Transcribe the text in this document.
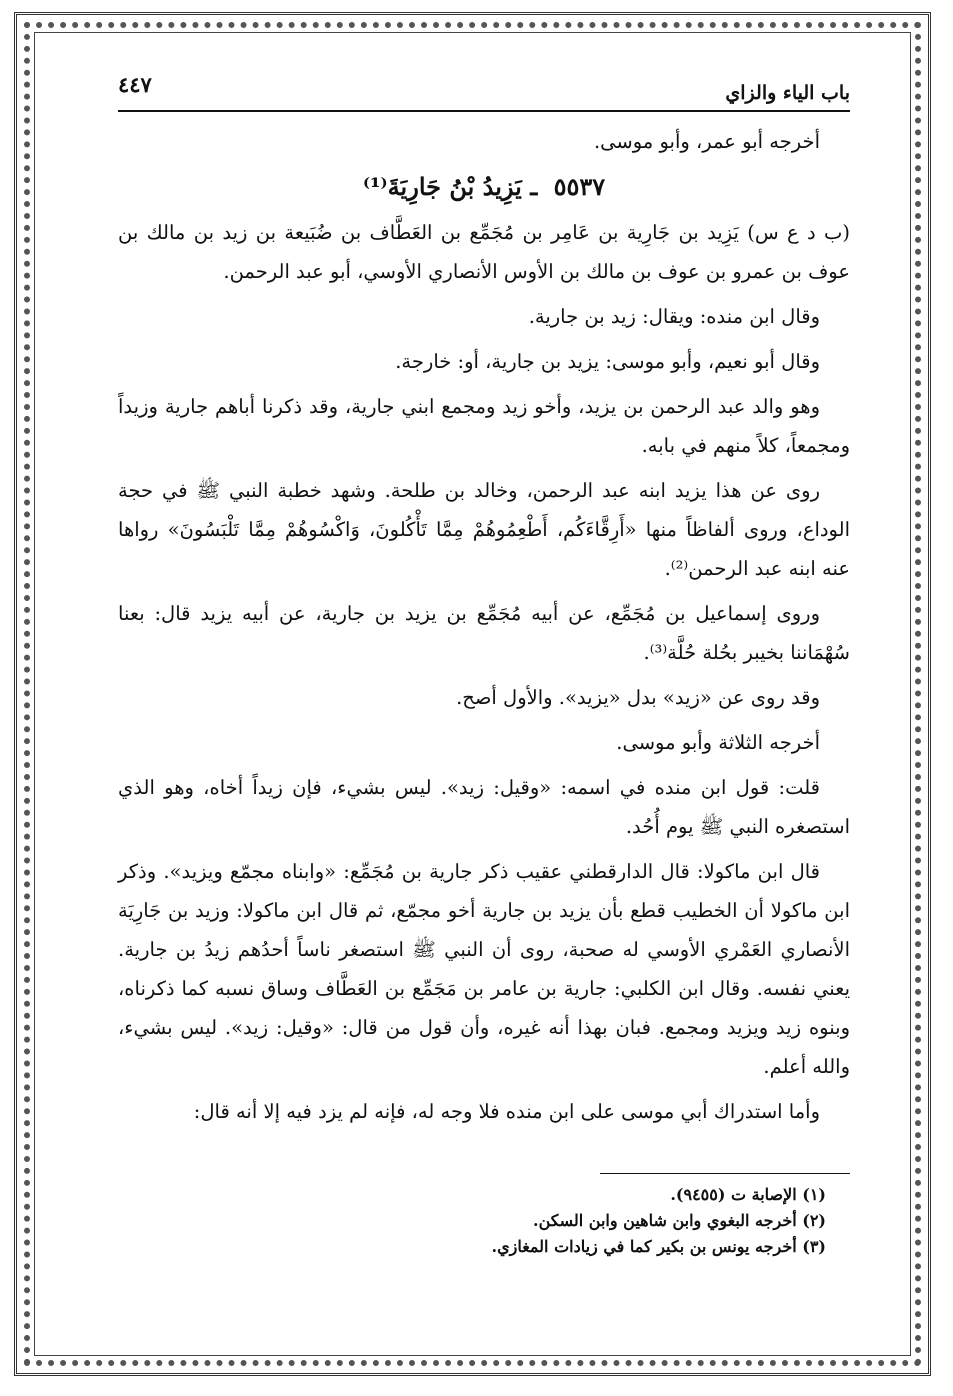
باب الياء والزاي
٤٤٧

أخرجه أبو عمر، وأبو موسى.

٥٥٣٧ ـ يَزِيدُ بْنُ جَارِيَةَ⁽¹⁾

(ب د ع س) يَزِيد بن جَارِية بن عَامِر بن مُجَمِّع بن العَطَّاف بن ضُبَيعة بن زيد بن مالك بن عوف بن عمرو بن عوف بن مالك بن الأوس الأنصاري الأوسي، أبو عبد الرحمن.

وقال ابن منده: ويقال: زيد بن جارية.

وقال أبو نعيم، وأبو موسى: يزيد بن جارية، أو: خارجة.

وهو والد عبد الرحمن بن يزيد، وأخو زيد ومجمع ابني جارية، وقد ذكرنا أباهم جارية وزيداً ومجمعاً، كلاً منهم في بابه.

روى عن هذا يزيد ابنه عبد الرحمن، وخالد بن طلحة. وشهد خطبة النبي ﷺ في حجة الوداع، وروى ألفاظاً منها «أَرِقَّاءَكُم، أَطْعِمُوهُمْ مِمَّا تَأْكُلونَ، وَاكْسُوهُمْ مِمَّا تَلْبَسُونَ» رواها عنه ابنه عبد الرحمن⁽²⁾.

وروى إسماعيل بن مُجَمِّع، عن أبيه مُجَمِّع بن يزيد بن جارية، عن أبيه يزيد قال: بعنا سُهْمَاننا بخيبر بحُلة حُلَّة⁽³⁾.

وقد روى عن «زيد» بدل «يزيد». والأول أصح.

أخرجه الثلاثة وأبو موسى.

قلت: قول ابن منده في اسمه: «وقيل: زيد». ليس بشيء، فإن زيداً أخاه، وهو الذي استصغره النبي ﷺ يوم أُحُد.

قال ابن ماكولا: قال الدارقطني عقيب ذكر جارية بن مُجَمِّع: «وابناه مجمّع ويزيد». وذكر ابن ماكولا أن الخطيب قطع بأن يزيد بن جارية أخو مجمّع، ثم قال ابن ماكولا: وزيد بن جَارِيَة الأنصاري العَمْري الأوسي له صحبة، روى أن النبي ﷺ استصغر ناساً أحدُهم زيدُ بن جارية. يعني نفسه. وقال ابن الكلبي: جارية بن عامر بن مَجَمِّع بن العَطَّاف وساق نسبه كما ذكرناه، وبنوه زيد ويزيد ومجمع. فبان بهذا أنه غيره، وأن قول من قال: «وقيل: زيد». ليس بشيء، والله أعلم.

وأما استدراك أبي موسى على ابن منده فلا وجه له، فإنه لم يزد فيه إلا أنه قال:

(١) الإصابة ت (٩٤٥٥).

(٢) أخرجه البغوي وابن شاهين وابن السكن.

(٣) أخرجه يونس بن بكير كما في زيادات المغازي.
